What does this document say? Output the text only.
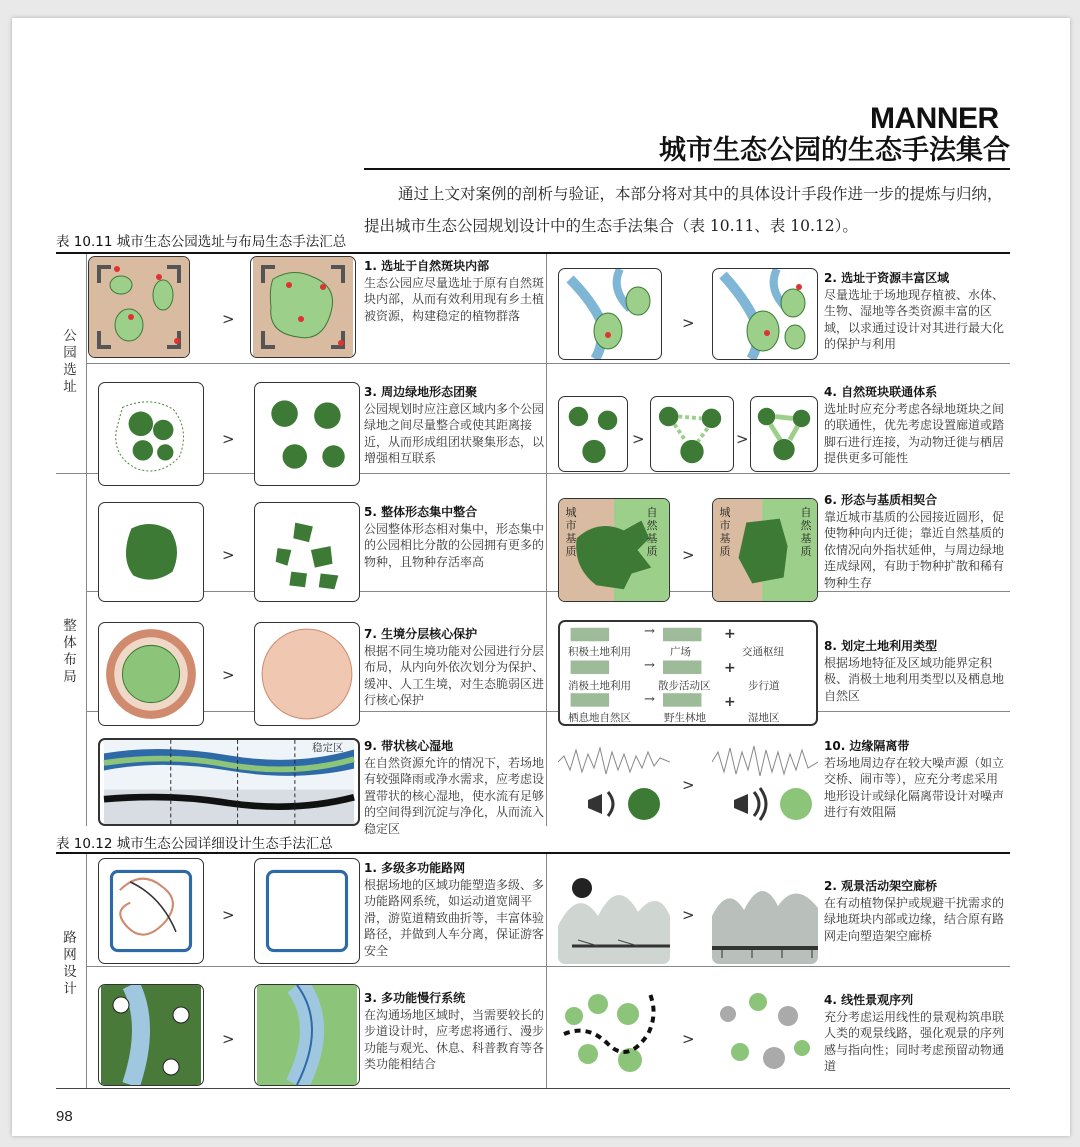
MANNER
城市生态公园的生态手法集合
通过上文对案例的剖析与验证，本部分将对其中的具体设计手段作进一步的提炼与归纳，提出城市生态公园规划设计中的生态手法集合（表 10.11、表 10.12）。
表 10.11 城市生态公园选址与布局生态手法汇总
公园选址
整体布局
>
1. 选址于自然斑块内部
生态公园应尽量选址于原有自然斑块内部，从而有效利用现有乡土植被资源，构建稳定的植物群落	>
2. 选址于资源丰富区域
尽量选址于场地现存植被、水体、生物、湿地等各类资源丰富的区域，以求通过设计对其进行最大化的保护与利用
>
3. 周边绿地形态团聚
公园规划时应注意区域内多个公园绿地之间尽量整合或使其距离接近，从而形成组团状聚集形态，以增强相互联系
>	>
4. 自然斑块联通体系
选址时应充分考虑各绿地斑块之间的联通性，优先考虑设置廊道或踏脚石进行连接，为动物迁徙与栖居提供更多可能性
>
5. 整体形态集中整合
公园整体形态相对集中，形态集中的公园相比分散的公园拥有更多的物种，且物种存活率高
城市基质
自然基质 >
城市基质
自然基质
6. 形态与基质相契合
靠近城市基质的公园接近圆形，促使物种向内迁徙；靠近自然基质的依情况向外指状延伸，与周边绿地连成绿网，有助于物种扩散和稀有物种生存
>
7. 生境分层核心保护
根据不同生境功能对公园进行分层布局，从内向外依次划分为保护、缓冲、人工生境，对生态脆弱区进行核心保护
积极土地利用	广场	交通枢纽
消极土地利用	散步活动区	步行道
栖息地自然区	野生林地	湿地区
→
→
→
+
+
+
8. 划定土地利用类型
根据场地特征及区域功能界定积极、消极土地利用类型以及栖息地自然区
稳定区 9. 带状核心湿地
在自然资源允许的情况下，若场地有较强降雨或净水需求，应考虑设置带状的核心湿地，使水流有足够的空间得到沉淀与净化，从而流入稳定区
>
10. 边缘隔离带
若场地周边存在较大噪声源（如立交桥、闹市等），应充分考虑采用地形设计或绿化隔离带设计对噪声进行有效阻隔
表 10.12 城市生态公园详细设计生态手法汇总
路网设计
>
1. 多级多功能路网
根据场地的区域功能塑造多级、多功能路网系统，如运动道宽阔平滑，游览道精致曲折等，丰富体验路径，并做到人车分离，保证游客安全
>
2. 观景活动架空廊桥
在有动植物保护或规避干扰需求的绿地斑块内部或边缘，结合原有路网走向塑造架空廊桥
>
3. 多功能慢行系统
在沟通场地区域时，当需要较长的步道设计时，应考虑将通行、漫步功能与观光、休息、科普教育等各类功能相结合
>
4. 线性景观序列
充分考虑运用线性的景观构筑串联人类的观景线路，强化观景的序列感与指向性；同时考虑预留动物通道
98
